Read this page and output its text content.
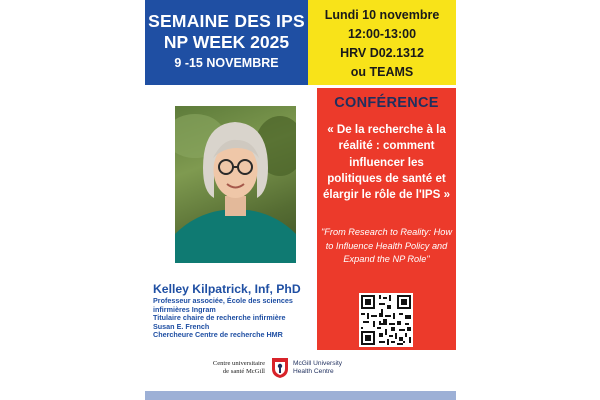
SEMAINE DES IPS
NP WEEK 2025
9 -15 NOVEMBRE
Lundi 10 novembre
12:00-13:00
HRV D02.1312
ou TEAMS
CONFÉRENCE
« De la recherche à la réalité : comment influencer les politiques de santé et élargir le rôle de l'IPS »
"From Research to Reality: How to Influence Health Policy and Expand the NP Role"
Kelley Kilpatrick, Inf, PhD
Professeur associée, École des sciences
infirmières Ingram
Titulaire chaire de recherche infirmière
Susan E. French
Chercheure Centre de recherche HMR
Centre universitaire
de santé McGill
McGill University
Health Centre
